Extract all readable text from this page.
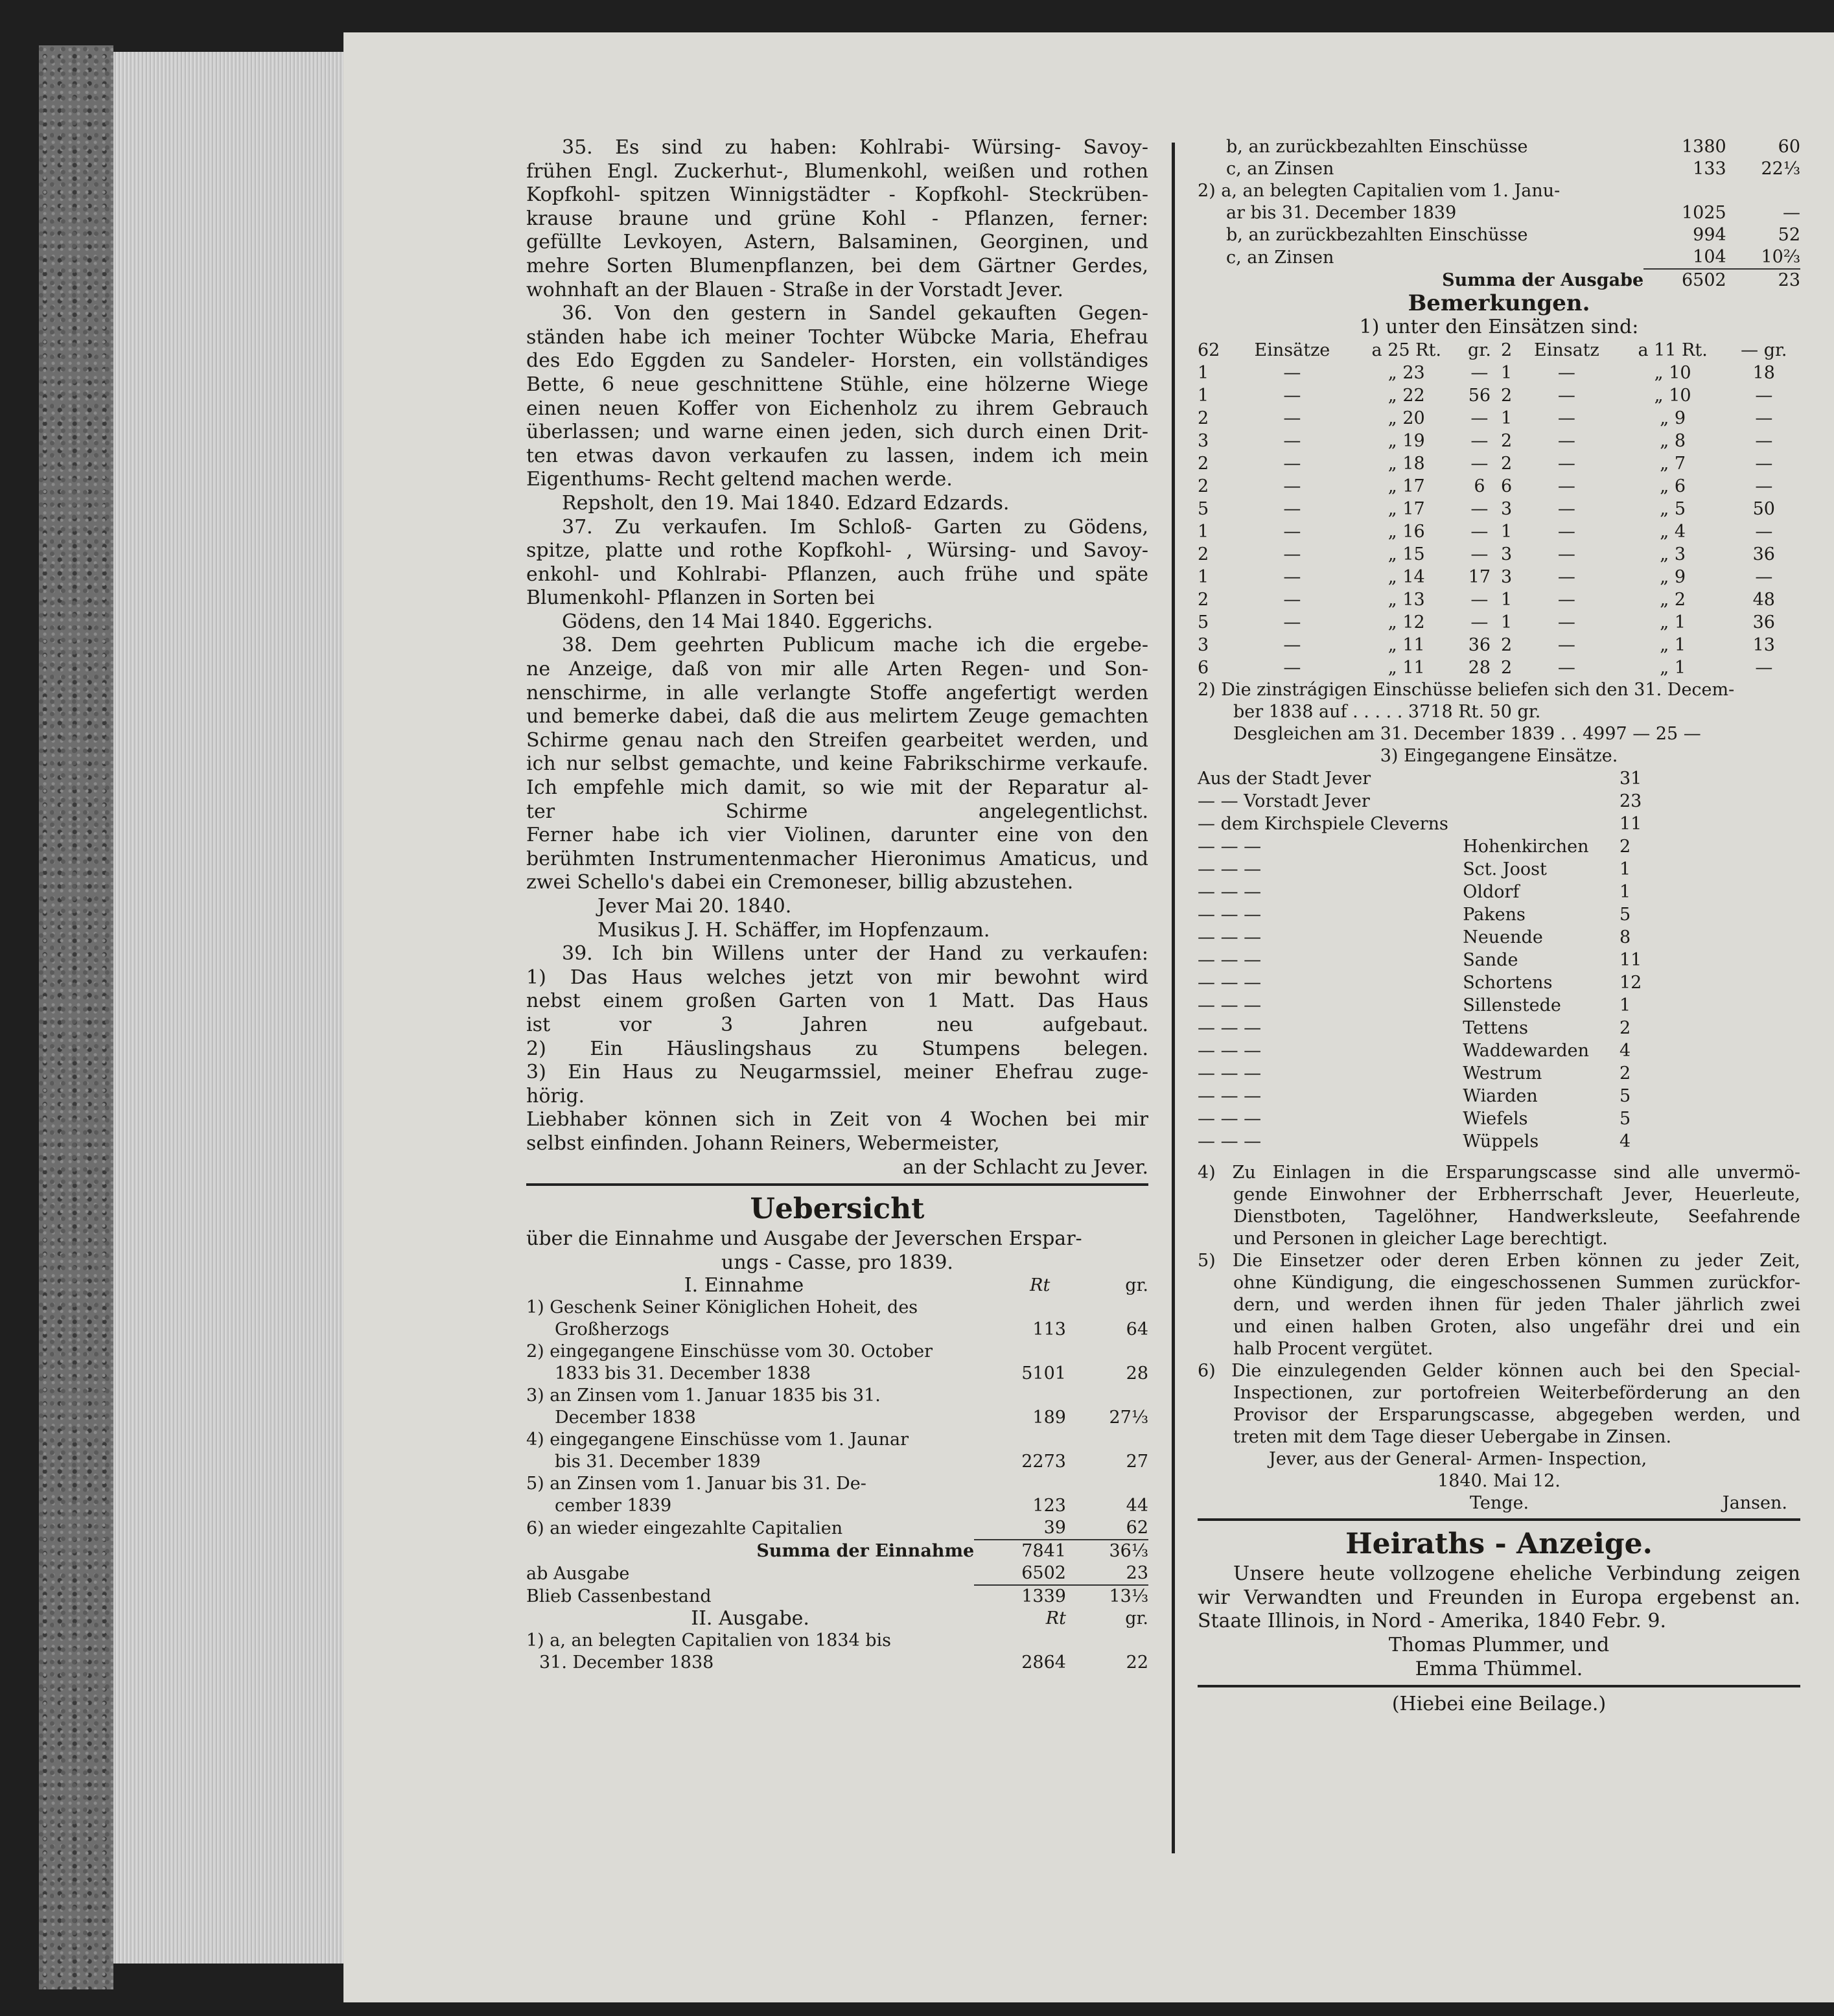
35. Es sind zu haben: Kohlrabi- Würsing- Savoy-
frühen Engl. Zuckerhut-, Blumenkohl, weißen und rothen
Kopfkohl- spitzen Winnigstädter - Kopfkohl- Steckrüben-
krause braune und grüne Kohl - Pflanzen, ferner:
gefüllte Levkoyen, Astern, Balsaminen, Georginen, und
mehre Sorten Blumenpflanzen, bei dem Gärtner Gerdes,
wohnhaft an der Blauen - Straße in der Vorstadt Jever.
36. Von den gestern in Sandel gekauften Gegen-
ständen habe ich meiner Tochter Wübcke Maria, Ehefrau
des Edo Eggden zu Sandeler- Horsten, ein vollständiges
Bette, 6 neue geschnittene Stühle, eine hölzerne Wiege
einen neuen Koffer von Eichenholz zu ihrem Gebrauch
überlassen; und warne einen jeden, sich durch einen Drit-
ten etwas davon verkaufen zu lassen, indem ich mein
Eigenthums- Recht geltend machen werde.
Repsholt, den 19. Mai 1840. Edzard Edzards.
37. Zu verkaufen. Im Schloß- Garten zu Gödens,
spitze, platte und rothe Kopfkohl- , Würsing- und Savoy-
enkohl- und Kohlrabi- Pflanzen, auch frühe und späte
Blumenkohl- Pflanzen in Sorten bei
Gödens, den 14 Mai 1840. Eggerichs.
38. Dem geehrten Publicum mache ich die ergebe-
ne Anzeige, daß von mir alle Arten Regen- und Son-
nenschirme, in alle verlangte Stoffe angefertigt werden
und bemerke dabei, daß die aus melirtem Zeuge gemachten
Schirme genau nach den Streifen gearbeitet werden, und
ich nur selbst gemachte, und keine Fabrikschirme verkaufe.
Ich empfehle mich damit, so wie mit der Reparatur al-
ter Schirme angelegentlichst.
Ferner habe ich vier Violinen, darunter eine von den
berühmten Instrumentenmacher Hieronimus Amaticus, und
zwei Schello's dabei ein Cremoneser, billig abzustehen.
Jever Mai 20. 1840.
Musikus J. H. Schäffer, im Hopfenzaum.
39. Ich bin Willens unter der Hand zu verkaufen:
1) Das Haus welches jetzt von mir bewohnt wird
nebst einem großen Garten von 1 Matt. Das Haus
ist vor 3 Jahren neu aufgebaut.
2) Ein Häuslingshaus zu Stumpens belegen.
3) Ein Haus zu Neugarmssiel, meiner Ehefrau zuge-
hörig.
Liebhaber können sich in Zeit von 4 Wochen bei mir
selbst einfinden. Johann Reiners, Webermeister,
an der Schlacht zu Jever.
Uebersicht
über die Einnahme und Ausgabe der Jeverschen Erspar-
ungs - Casse, pro 1839.
I. Einnahme	𝑅𝑡	gr.
1) Geschenk Seiner Königlichen Hoheit, des		
Großherzogs	113	64
2) eingegangene Einschüsse vom 30. October		
1833 bis 31. December 1838	5101	28
3) an Zinsen vom 1. Januar 1835 bis 31.		
December 1838	189	27⅓
4) eingegangene Einschüsse vom 1. Jaunar		
bis 31. December 1839	2273	27
5) an Zinsen vom 1. Januar bis 31. De-		
cember 1839	123	44
6) an wieder eingezahlte Capitalien	39	62
Summa der Einnahme	7841	36⅓
ab Ausgabe	6502	23
Blieb Cassenbestand	1339	13⅓
II. Ausgabe.	𝑅𝑡	gr.
1) a, an belegten Capitalien von 1834 bis		
31. December 1838	2864	22
b, an zurückbezahlten Einschüsse	1380	60
c, an Zinsen	133	22⅓
2) a, an belegten Capitalien vom 1. Janu-		
ar bis 31. December 1839	1025	—
b, an zurückbezahlten Einschüsse	994	52
c, an Zinsen	104	10⅔
Summa der Ausgabe	6502	23
Bemerkungen.
1) unter den Einsätzen sind:
62	Einsätze	a 25 Rt.	gr.	2	Einsatz	a 11 Rt.	— gr.
1	—	„ 23	—	1	—	„ 10	18
1	—	„ 22	56	2	—	„ 10	—
2	—	„ 20	—	1	—	„ 9	—
3	—	„ 19	—	2	—	„ 8	—
2	—	„ 18	—	2	—	„ 7	—
2	—	„ 17	6	6	—	„ 6	—
5	—	„ 17	—	3	—	„ 5	50
1	—	„ 16	—	1	—	„ 4	—
2	—	„ 15	—	3	—	„ 3	36
1	—	„ 14	17	3	—	„ 9	—
2	—	„ 13	—	1	—	„ 2	48
5	—	„ 12	—	1	—	„ 1	36
3	—	„ 11	36	2	—	„ 1	13
6	—	„ 11	28	2	—	„ 1	—
2) Die zinstrágigen Einschüsse beliefen sich den 31. Decem-
ber 1838 auf . . . . . 3718 Rt. 50 gr.
Desgleichen am 31. December 1839 . . 4997 — 25 —
3) Eingegangene Einsätze.
Aus der Stadt Jever		31
— — Vorstadt Jever		23
— dem Kirchspiele Cleverns		11
— — —	Hohenkirchen	2
— — —	Sct. Joost	1
— — —	Oldorf	1
— — —	Pakens	5
— — —	Neuende	8
— — —	Sande	11
— — —	Schortens	12
— — —	Sillenstede	1
— — —	Tettens	2
— — —	Waddewarden	4
— — —	Westrum	2
— — —	Wiarden	5
— — —	Wiefels	5
— — —	Wüppels	4
4) Zu Einlagen in die Ersparungscasse sind alle unvermö-
gende Einwohner der Erbherrschaft Jever, Heuerleute,
Dienstboten, Tagelöhner, Handwerksleute, Seefahrende
und Personen in gleicher Lage berechtigt.
5) Die Einsetzer oder deren Erben können zu jeder Zeit,
ohne Kündigung, die eingeschossenen Summen zurückfor-
dern, und werden ihnen für jeden Thaler jährlich zwei
und einen halben Groten, also ungefähr drei und ein
halb Procent vergütet.
6) Die einzulegenden Gelder können auch bei den Special-
Inspectionen, zur portofreien Weiterbeförderung an den
Provisor der Ersparungscasse, abgegeben werden, und
treten mit dem Tage dieser Uebergabe in Zinsen.
Jever, aus der General- Armen- Inspection,
1840. Mai 12.
Tenge.	Jansen.
Heiraths - Anzeige.
Unsere heute vollzogene eheliche Verbindung zeigen
wir Verwandten und Freunden in Europa ergebenst an.
Staate Illinois, in Nord - Amerika, 1840 Febr. 9.
Thomas Plummer, und
Emma Thümmel.
(Hiebei eine Beilage.)
